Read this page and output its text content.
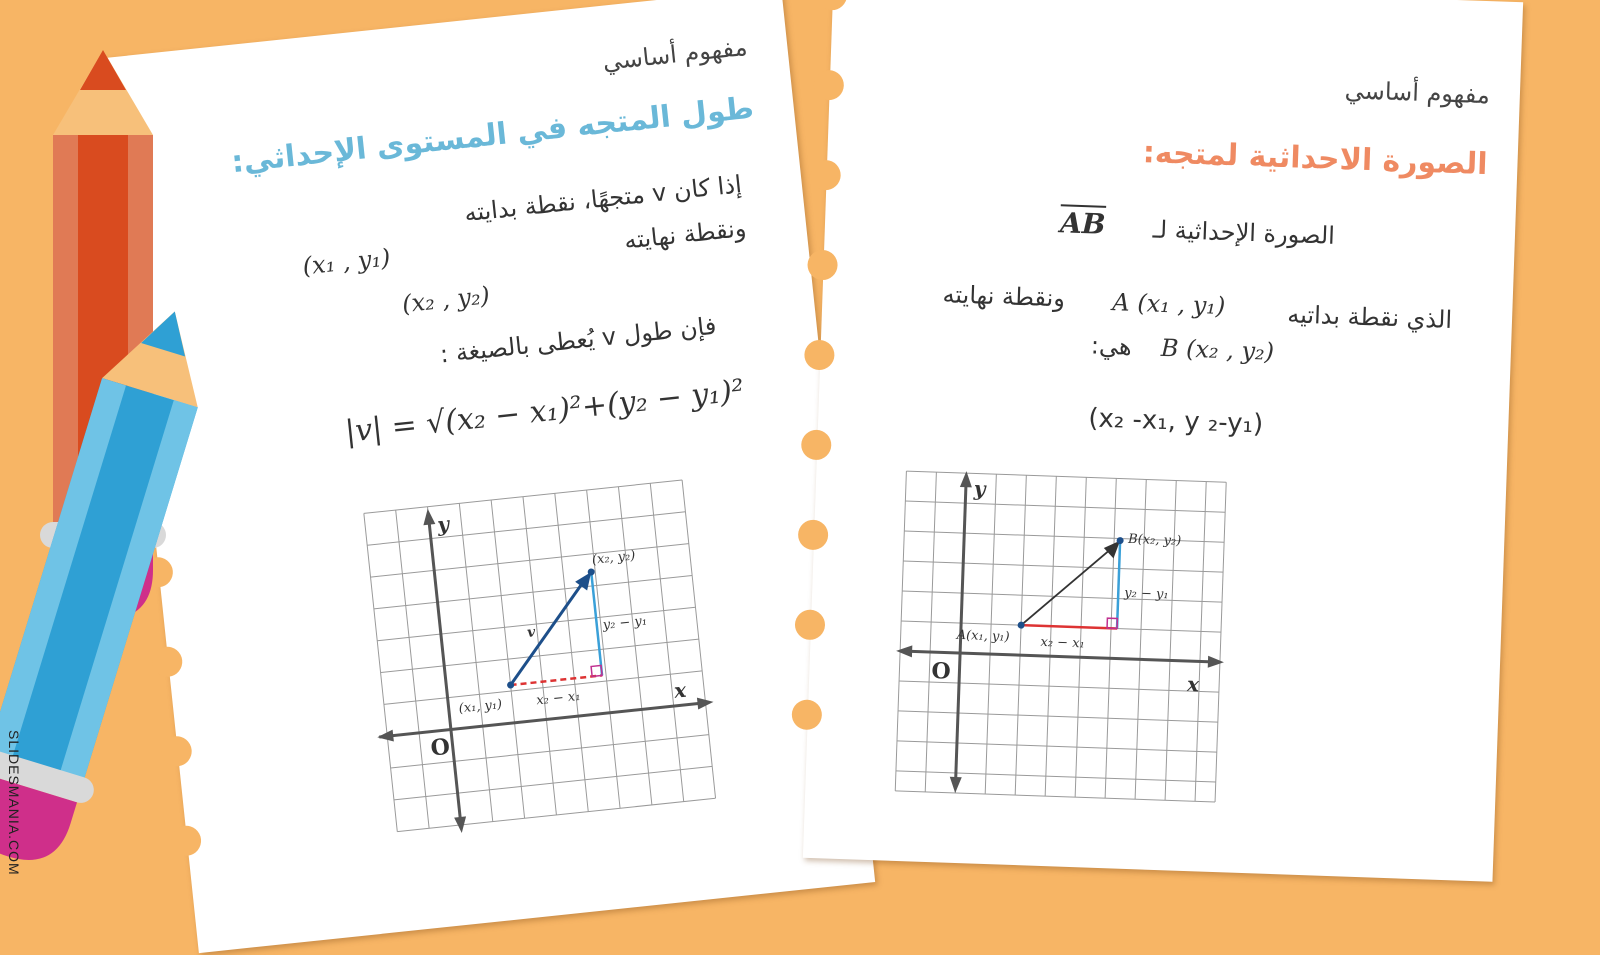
مفهوم أساسي
طول المتجه في المستوى الإحداثي:
إذا كان v متجهًا، نقطة بدايته
ونقطة نهايته
(x₁ , y₁)
(x₂ , y₂)
فإن طول v يُعطى بالصيغة :
|v| = √(x₂ − x₁)²+(y₂ − y₁)²
y
x
O
v
(x₁, y₁)
(x₂, y₂)
x₂ − x₁
y₂ − y₁
مفهوم أساسي
الصورة الاحداثية لمتجه:
الصورة الإحداثية لـ
$\overline{AB}$
الذي نقطة بداتيه
A (x₁ , y₁)
ونقطة نهايته
B (x₂ , y₂)
هي:
(x₂ -x₁, y ₂-y₁)
y
x
O
A(x₁, y₁)
B(x₂, y₂)
x₂ − x₁
y₂ − y₁
SLIDESMANIA.COM
